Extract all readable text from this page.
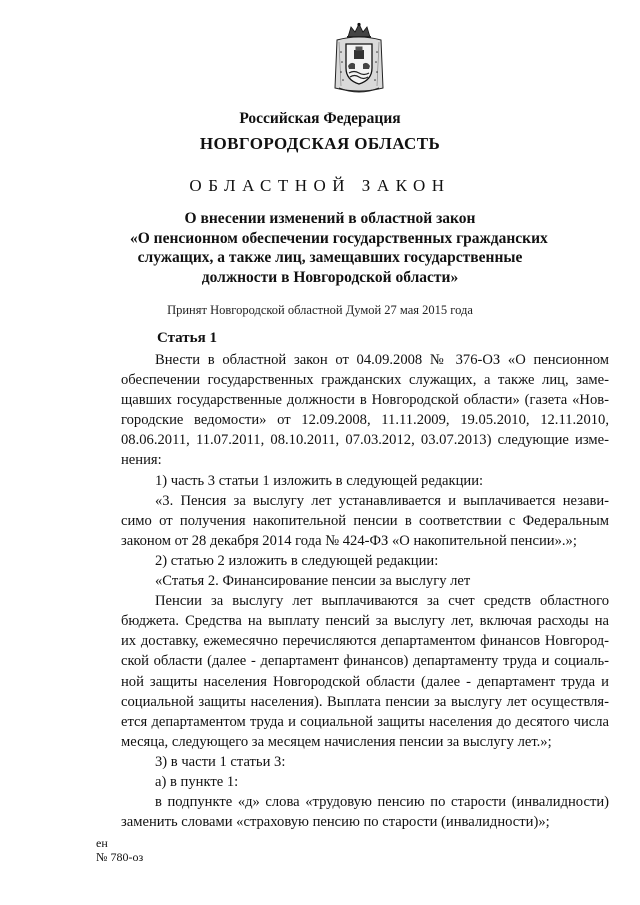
Российская Федерация
НОВГОРОДСКАЯ ОБЛАСТЬ
ОБЛАСТНОЙ ЗАКОН
О внесении изменений в областной закон
«О пенсионном обеспечении государственных гражданских
служащих, а также лиц, замещавших государственные
должности в Новгородской области»
Принят Новгородской областной Думой 27 мая 2015 года
Статья 1
Внести в областной закон от 04.09.2008 № 376-ОЗ «О пенсионном
обеспечении государственных гражданских служащих, а также лиц, заме-
щавших государственные должности в Новгородской области» (газета «Нов-
городские ведомости» от 12.09.2008, 11.11.2009, 19.05.2010, 12.11.2010,
08.06.2011, 11.07.2011, 08.10.2011, 07.03.2012, 03.07.2013) следующие изме-
нения:
1) часть 3 статьи 1 изложить в следующей редакции:
«3. Пенсия за выслугу лет устанавливается и выплачивается незави-
симо от получения накопительной пенсии в соответствии с Федеральным
законом от 28 декабря 2014 года № 424-ФЗ «О накопительной пенсии».»;
2) статью 2 изложить в следующей редакции:
«Статья 2. Финансирование пенсии за выслугу лет
Пенсии за выслугу лет выплачиваются за счет средств областного
бюджета. Средства на выплату пенсий за выслугу лет, включая расходы на
их доставку, ежемесячно перечисляются департаментом финансов Новгород-
ской области (далее - департамент финансов) департаменту труда и социаль-
ной защиты населения Новгородской области (далее - департамент труда и
социальной защиты населения). Выплата пенсии за выслугу лет осуществля-
ется департаментом труда и социальной защиты населения до десятого числа
месяца, следующего за месяцем начисления пенсии за выслугу лет.»;
3) в части 1 статьи 3:
а) в пункте 1:
в подпункте «д» слова «трудовую пенсию по старости (инвалидности)
заменить словами «страховую пенсию по старости (инвалидности)»;
ен
№ 780-оз
